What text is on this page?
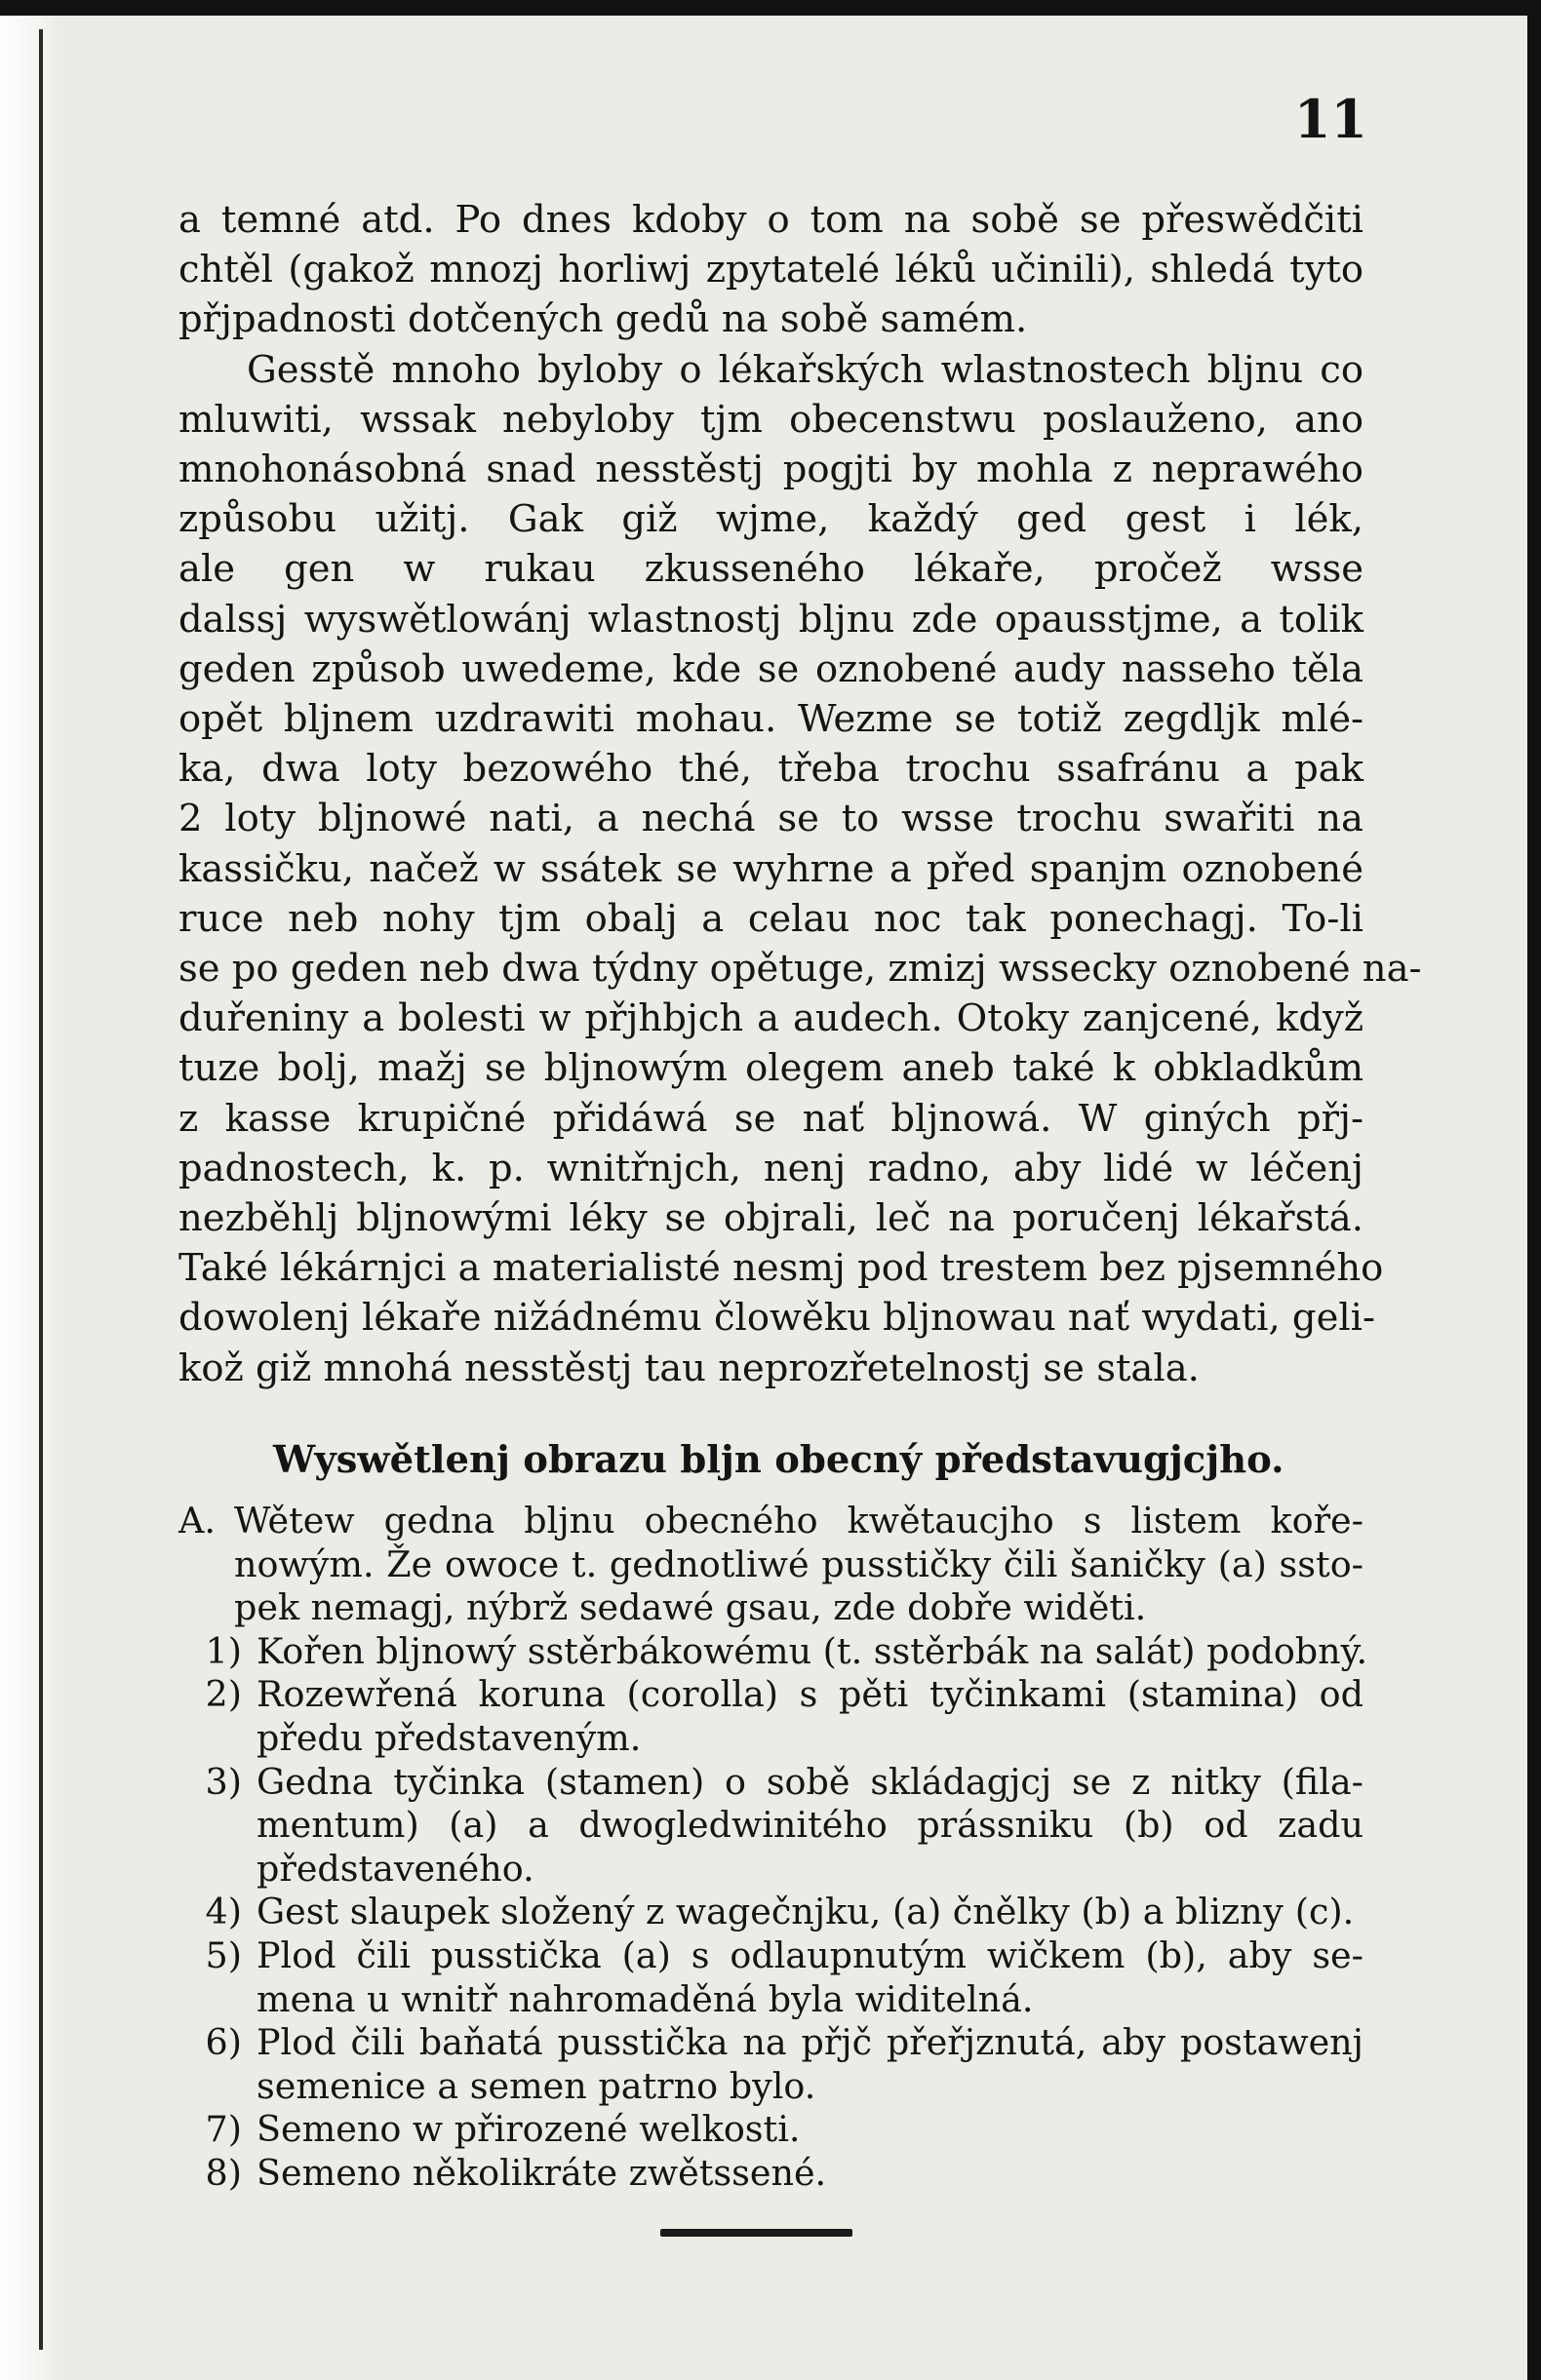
11
a temné atd. Po dnes kdoby o tom na sobě se přeswědčiti
chtěl (gakož mnozj horliwj zpytatelé léků učinili), shledá tyto
přjpadnosti dotčených gedů na sobě samém.
Gesstě mnoho byloby o lékařských wlastnostech blјnu co
mluwiti, wssak nebyloby tјm obecenstwu poslauženo, ano
mnohonásobná snad nesstěstj pogjti by mohla z neprawého
způsobu užitj. Gak giž wjme, každý ged gest i lék,
ale gen w rukau zkusseného lékaře, pročež wsse
dalssj wyswětlowánj wlastnostj blјnu zde opausstjme, a tolik
geden způsob uwedeme, kde se oznobené audy nasseho těla
opět blјnem uzdrawiti mohau. Wezme se totiž zegdljk mlé-
ka, dwa loty bezowého thé, třeba trochu ssafránu a pak
2 loty blјnowé nati, a nechá se to wsse trochu swařiti na
kassičku, načež w ssátek se wyhrne a před spanjm oznobené
ruce neb nohy tјm obalj a celau noc tak ponechagj. To-li
se po geden neb dwa týdny opětuge, zmizj wssecky oznobené na-
duřeniny a bolesti w přjhbjch a audech. Otoky zanjcené, když
tuze bolj, mažj se blјnowým olegem aneb také k obkladkům
z kasse krupičné přidáwá se nať blјnowá. W giných přj-
padnostech, k. p. wnitřnjch, nenj radno, aby lidé w léčenj
nezběhlj blјnowými léky se objrali, leč na poručenj lékařstá.
Také lékárnjci a materialisté nesmj pod trestem bez pjsemného
dowolenj lékaře nižádnému člowěku blјnowau nať wydati, geli-
kož giž mnohá nesstěstj tau neprozřetelnostj se stala.
Wyswětlenj obrazu blјn obecný představugjcjho.
A. Wětew gedna blјnu obecného kwětaucjho s listem koře-
nowým. Že owoce t. gednotliwé pusstičky čili šaničky (a) ssto-
pek nemagj, nýbrž sedawé gsau, zde dobře widěti.
1) Kořen blјnowý sstěrbákowému (t. sstěrbák na salát) podobný.
2) Rozewřená koruna (corolla) s pěti tyčinkami (stamina) od
předu představeným.
3) Gedna tyčinka (stamen) o sobě skládagjcj se z nitky (fila-
mentum) (a) a dwogledwinitého prássniku (b) od zadu
představeného.
4) Gest slaupek složený z wagečnjku, (a) čnělky (b) a bliznу (c).
5) Plod čili pusstička (a) s odlaupnutým wičkem (b), aby se-
mena u wnitř nahromaděná byla widitelná.
6) Plod čili baňatá pusstička na přjč přeřjznutá, aby postawenj
semenice a semen patrno bylo.
7) Semeno w přirozené welkosti.
8) Semeno několikráte zwětssené.
